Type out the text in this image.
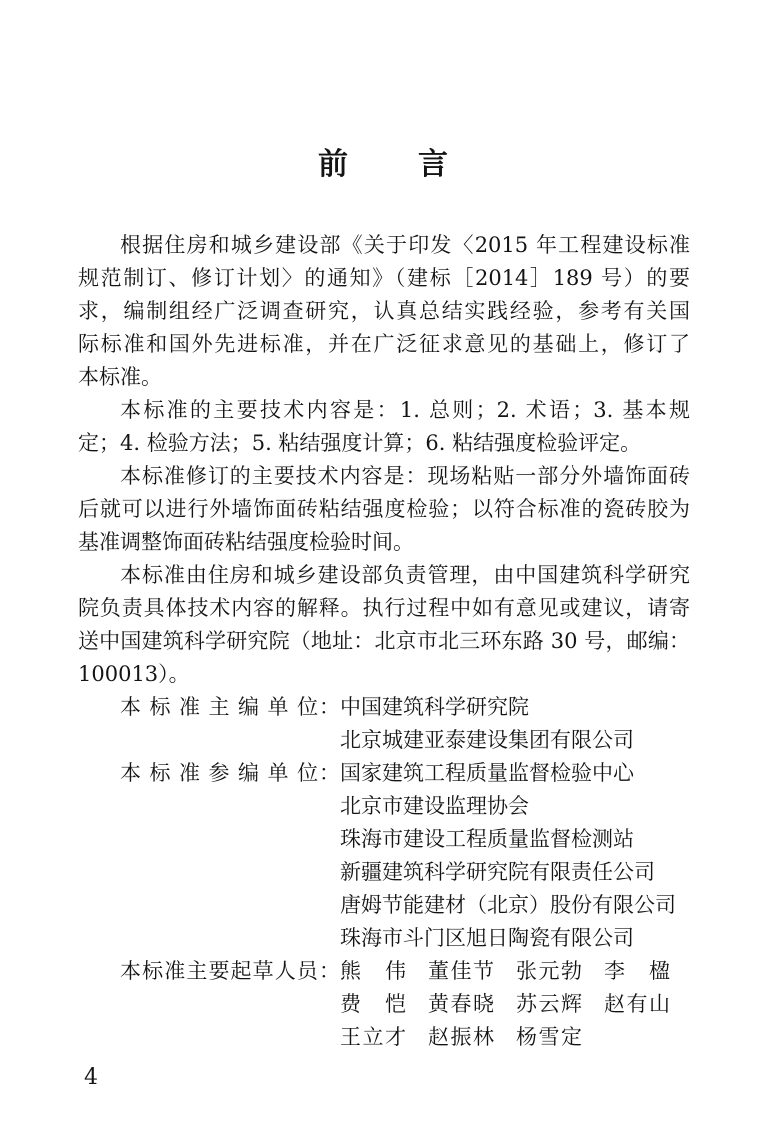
前　言
根据住房和城乡建设部《关于印发〈2015 年工程建设标准
规范制订、修订计划〉的通知》（建标［2014］189 号）的要
求，编制组经广泛调查研究，认真总结实践经验，参考有关国
际标准和国外先进标准，并在广泛征求意见的基础上，修订了
本标准。
本标准的主要技术内容是：1. 总则；2. 术语；3. 基本规
定；4. 检验方法；5. 粘结强度计算；6. 粘结强度检验评定。
本标准修订的主要技术内容是：现场粘贴一部分外墙饰面砖
后就可以进行外墙饰面砖粘结强度检验；以符合标准的瓷砖胶为
基准调整饰面砖粘结强度检验时间。
本标准由住房和城乡建设部负责管理，由中国建筑科学研究
院负责具体技术内容的解释。执行过程中如有意见或建议，请寄
送中国建筑科学研究院（地址：北京市北三环东路 30 号，邮编：
100013）。
本 标 准 主 编 单 位： 中国建筑科学研究院
北京城建亚泰建设集团有限公司
本 标 准 参 编 单 位： 国家建筑工程质量监督检验中心
北京市建设监理协会
珠海市建设工程质量监督检测站
新疆建筑科学研究院有限责任公司
唐姆节能建材（北京）股份有限公司
珠海市斗门区旭日陶瓷有限公司
本标准主要起草人员： 熊　伟 董佳节 张元勃 李　楹
费　恺 黄春晓 苏云辉 赵有山
王立才 赵振林 杨雪定
4
